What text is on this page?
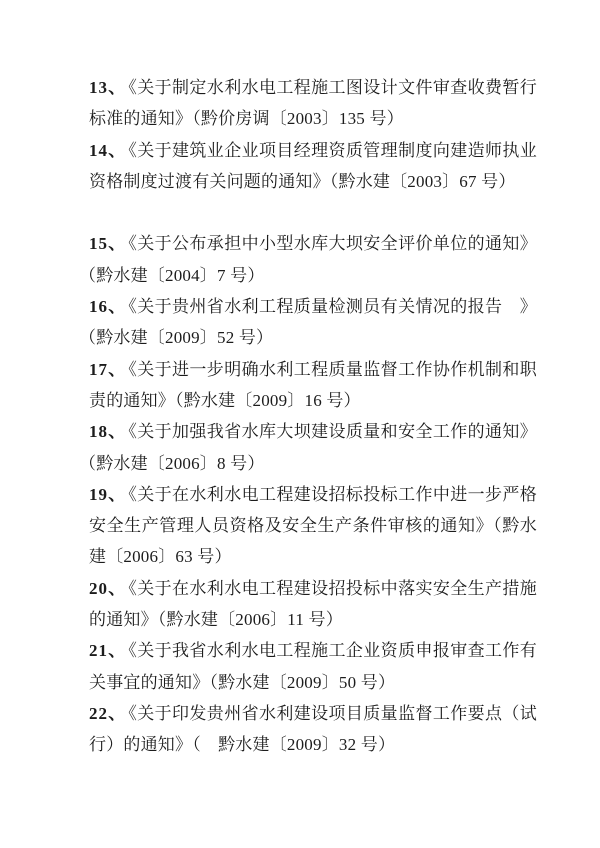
13、 《关于制定水利水电工程施工图设计文件审查收费暂行
标准的通知》（黔价房调〔2003〕135 号）
14、 《关于建筑业企业项目经理资质管理制度向建造师执业
资格制度过渡有关问题的通知》（黔水建〔2003〕67 号）
15、 《关于公布承担中小型水库大坝安全评价单位的通知》
（黔水建〔2004〕7 号）
16、 《关于贵州省水利工程质量检测员有关情况的报告　》
（黔水建〔2009〕52 号）
17、 《关于进一步明确水利工程质量监督工作协作机制和职
责的通知》（黔水建〔2009〕16 号）
18、 《关于加强我省水库大坝建设质量和安全工作的通知》
（黔水建〔2006〕8 号）
19、 《关于在水利水电工程建设招标投标工作中进一步严格
安全生产管理人员资格及安全生产条件审核的通知》（黔水
建〔2006〕63 号）
20、 《关于在水利水电工程建设招投标中落实安全生产措施
的通知》（黔水建〔2006〕11 号）
21、 《关于我省水利水电工程施工企业资质申报审查工作有
关事宜的通知》（黔水建〔2009〕50 号）
22、 《关于印发贵州省水利建设项目质量监督工作要点（试
行）的通知》（　黔水建〔2009〕32 号）
